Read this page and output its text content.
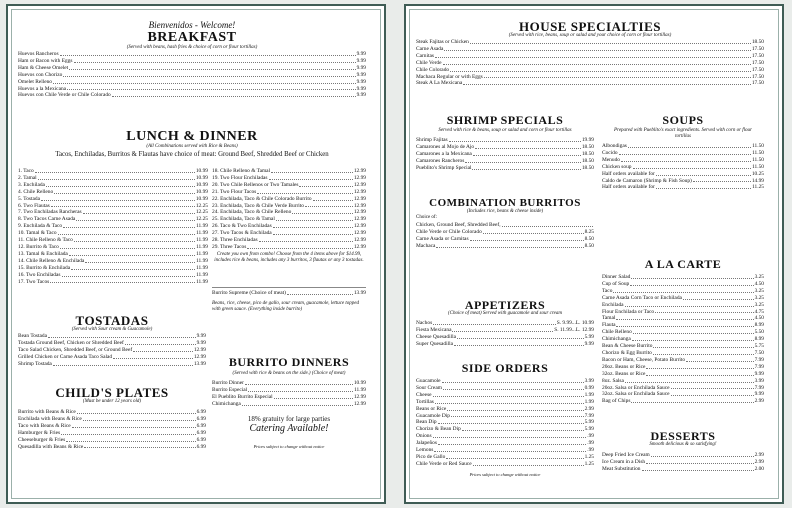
Bienvenidos - Welcome!
BREAKFAST
(Served with beans, hash fries & choice of corn or flour tortillas)
Huevos Rancheros	9.99
Ham or Bacon with Eggs	9.99
Ham & Cheese Omelet	9.99
Huevos con Chorizo	9.99
Omelet Relleno	9.99
Huevos a la Mexicana	9.99
Huevos con Chile Verde or Chile Colorado	9.99
LUNCH & DINNER
(All Combinations served with Rice & Beans)
Tacos, Enchiladas, Burritos & Flautas have choice of meat: Ground Beef, Shredded Beef or Chicken
1. Taco	10.99
2. Tamal	10.99
3. Enchilada	10.99
4. Chile Relleno	10.99
5. Tostada	10.99
6. Two Flautas	12.25
7. Two Enchiladas Rancheras	12.25
8. Two Tacos Carne Asada	12.25
9. Enchilada & Taco	11.99
10. Tamal & Taco	11.99
11. Chile Relleno & Taco	11.99
12. Burrito & Taco	11.99
13. Tamal & Enchilada	11.99
14. Chile Relleno & Enchilada	11.99
15. Burrito & Enchilada	11.99
16. Two Enchiladas	11.99
17. Two Tacos	11.99
18. Chile Relleno & Tamal	12.99
19. Two Flour Enchiladas	12.99
20. Two Chile Rellenos or Two Tamales	12.99
21. Two Flour Tacos	12.99
22. Enchilada, Taco & Chile Colorado Burrito	12.99
23. Enchilada, Taco & Chile Verde Burrito	12.99
24. Enchilada, Taco & Chile Relleno	12.99
25. Enchilada, Taco & Tamal	12.99
26. Taco & Two Enchiladas	12.99
27. Two Tacos & Enchilada	12.99
28. Three Enchiladas	12.99
29. Three Tacos	12.99
Create you own from combo! Choose from the 4 items above for $14.99, includes rice & beans, includes any 3 burritos, 3 flautas or any 3 tostadas.
Burrito Supreme (Choice of meat)	13.99
Beans, rice, cheese, pico de gallo, sour cream, guacamole, lettuce topped with green sauce. (Everything inside burrito)
TOSTADAS
(Served with Sour cream & Guacamole)
Bean Tostada	9.99
Tostada Ground Beef, Chicken or Shredded Beef	9.99
Taco Salad Chicken, Shredded Beef, or Ground Beef	12.99
Grilled Chicken or Carne Asada Taco Salad	12.99
Shrimp Tostada	13.99
CHILD'S PLATES
(Must be under 12 years old)
Burrito with Beans & Rice	6.99
Enchilada with Beans & Rice	6.99
Taco with Beans & Rice	6.99
Hamburger & Fries	6.99
Cheeseburger & Fries	6.99
Quesadilla with Beans & Rice	6.99
BURRITO DINNERS
(Served with rice & beans on the side.) (Choice of meat)
Burrito Dinner	10.99
Burrito Especial	11.99
El Pueblito Burrito Especial	12.99
Chimichanga	12.99
18% gratuity for large parties
Catering Available!
Prices subject to change without notice
HOUSE SPECIALTIES
(Served with rice, beans, soup or salad and your choice of corn or flour tortillas)
Steak Fajitas or Chicken	18.50
Carne Asada	17.50
Carnitas	17.50
Chile Verde	17.50
Chile Colorado	17.50
Machaca Regular or with Eggs	17.50
Steak A La Mexicana	17.50
SHRIMP SPECIALS
Served with rice & beans, soup or salad and corn or flour tortillas
Shrimp Fajitas	19.99
Camarones al Mojo de Ajo	18.50
Camarones a la Mexicana	18.50
Camarones Rancheros	18.50
Pueblito's Shrimp Special	18.50
SOUPS
Prepared with Pueblito's exact ingredients. Served with corn or flour tortillas
Albondigas	11.50
Cocido	11.50
Menudo	11.50
Chicken soup	11.50
Half orders available for	10.25
Caldo de Camaron (Shrimp & Fish Soup)	14.99
Half orders available for	11.25
COMBINATION BURRITOS
(Includes rice, beans & cheese inside)
Choice of:
Chicken, Ground Beef, Shredded Beef,
Chile Verde or Chile Colorado	8.25
Carne Asada or Carnitas	8.50
Machaca	8.50
APPETIZERS
(Choice of meat) Served with guacamole and sour cream
Nachos	S. 9.99...L. 10.99
Fiesta Mexicana	S. 11.99...L. 12.99
Cheese Quesadilla	5.99
Super Quesadilla	9.99
SIDE ORDERS
Guacamole	3.99
Sour Cream	0.99
Cheese	1.99
Tortillas	1.99
Beans or Rice	2.99
Guacamole Dip	7.99
Bean Dip	5.99
Chorizo & Bean Dip	5.99
Onions	.99
Jalapeños	.99
Lemons	.99
Pico de Gallo	1.25
Chile Verde or Red Sauce	1.25
Prices subject to change without notice
A LA CARTE
Dinner Salad	3.25
Cup of Soup	4.50
Taco	3.25
Carne Asada Corn Taco or Enchilada	3.25
Enchilada	3.25
Flour Enchilada or Taco	4.75
Tamal	4.50
Flauta	8.99
Chile Relleno	5.50
Chimichanga	8.99
Bean & Cheese Burrito	5.75
Chorizo & Egg Burrito	7.50
Bacon or Ham, Cheese, Potato Burrito	7.99
20oz. Beans or Rice	7.99
32oz. Beans or Rice	9.99
8oz. Salsa	3.99
20oz. Salsa or Enchilada Sauce	7.99
32oz. Salsa or Enchilada Sauce	9.99
Bag of Chips	2.99
DESSERTS
Smooth delicious & so satisfying!
Deep Fried Ice Cream	2.99
Ice Cream in a Dish	2.99
Meat Substitution	2.00
